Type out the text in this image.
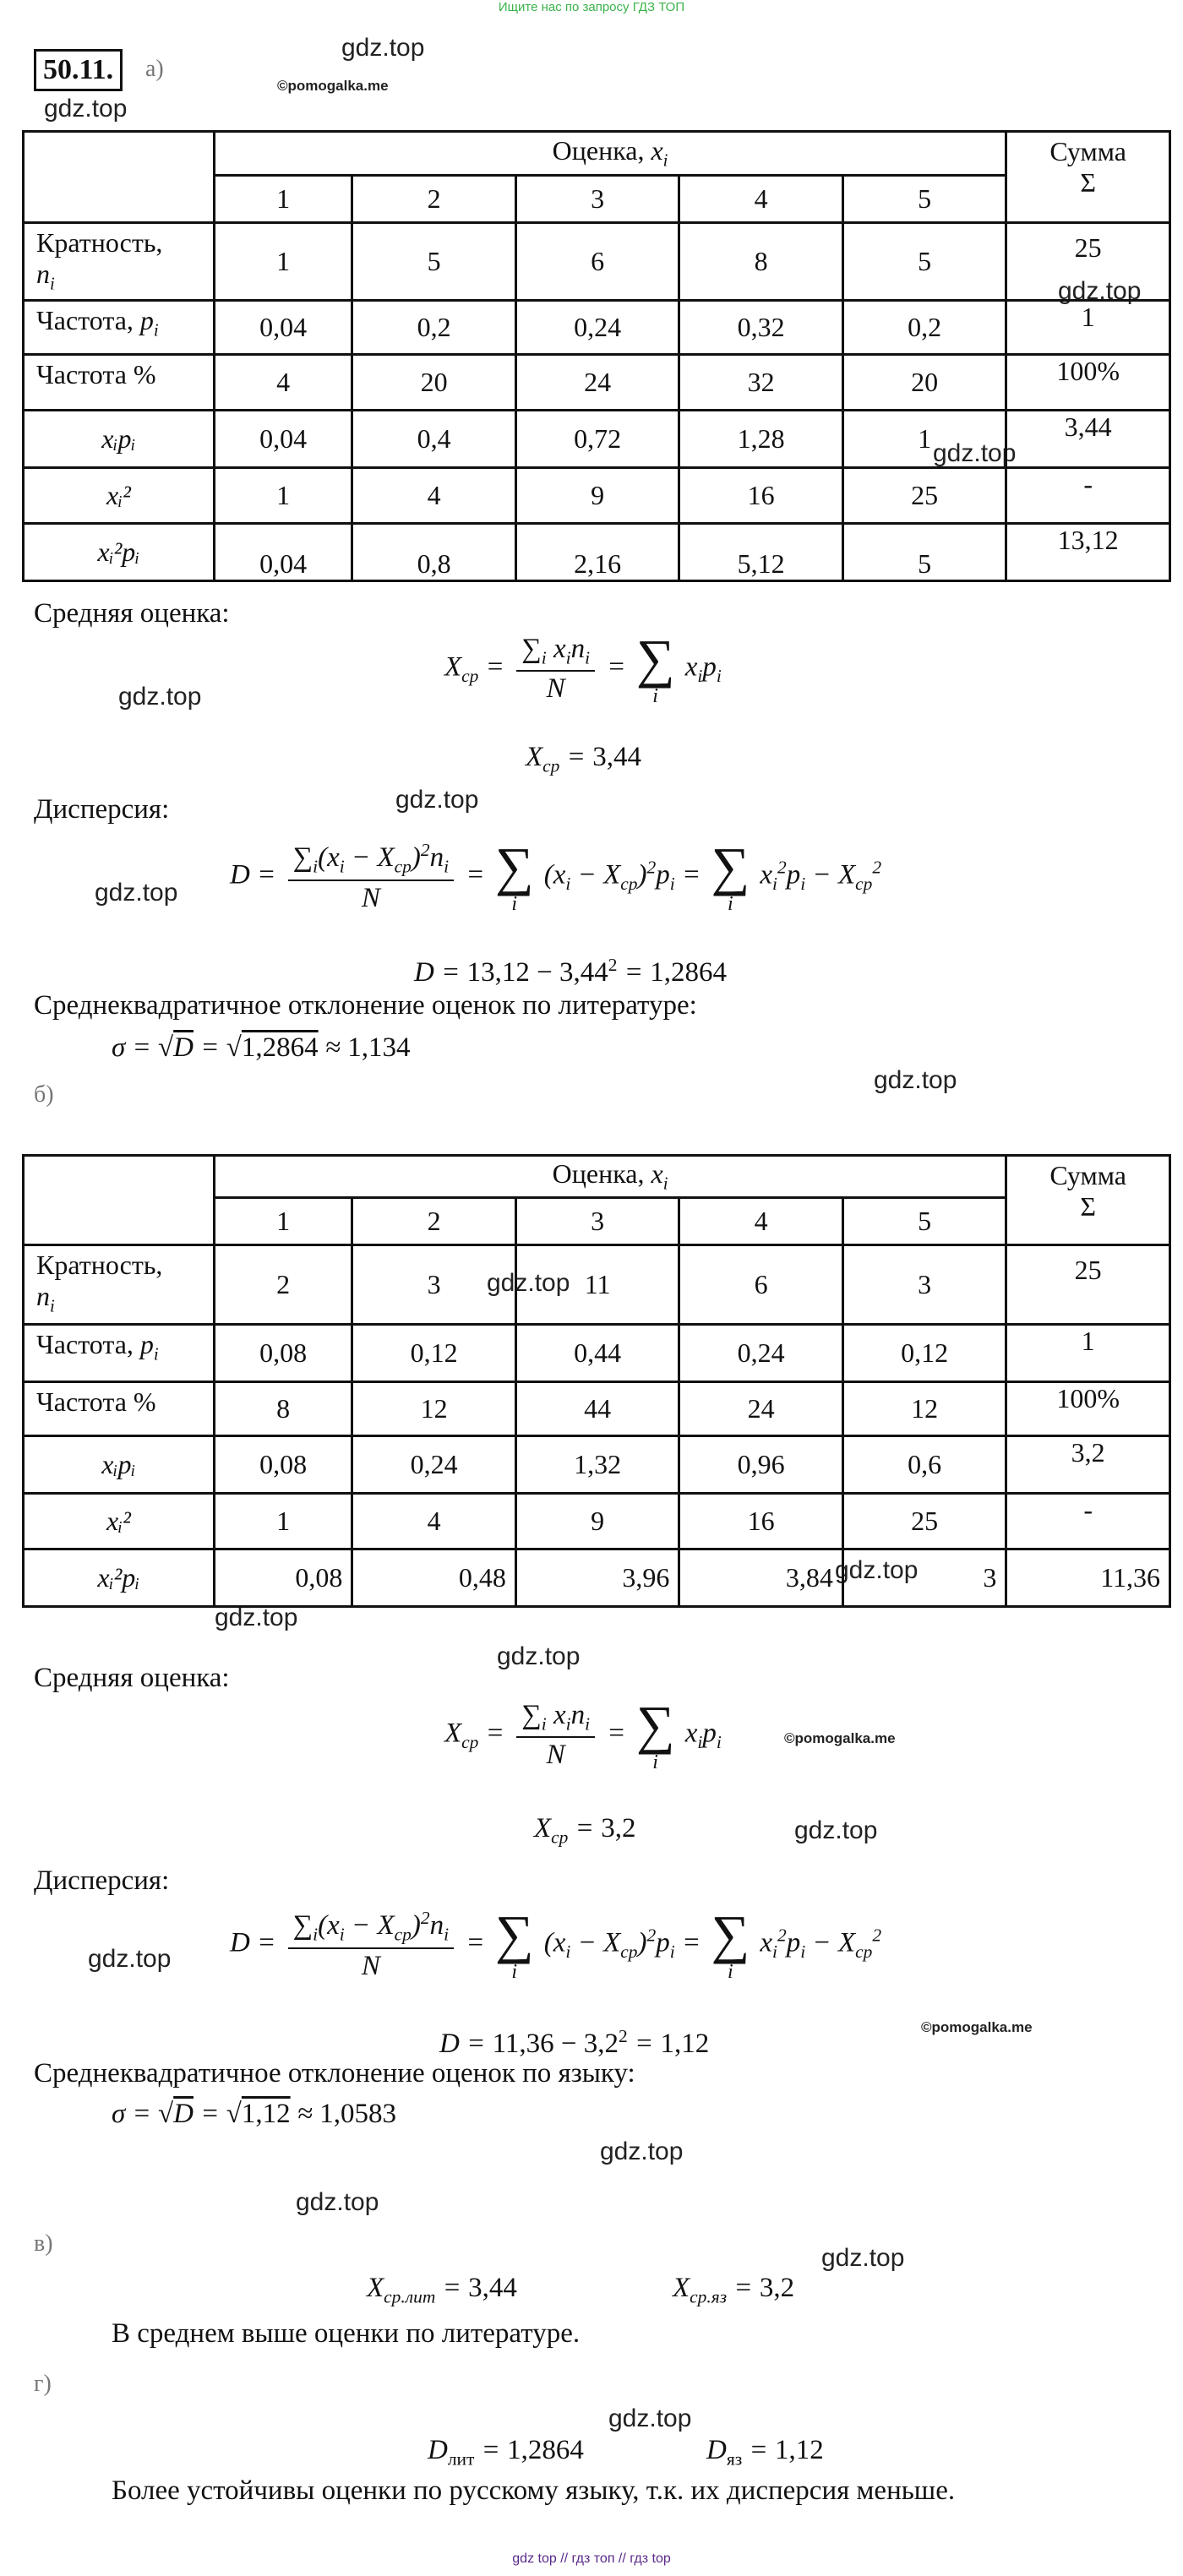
Ищите нас по запросу ГДЗ ТОП
50.11.	а)
gdz.top
©pomogalka.me
gdz.top
gdz.top
gdz.top
gdz.top
gdz.top
gdz.top
gdz.top
gdz.top
gdz.top
gdz.top
gdz.top
©pomogalka.me
gdz.top
gdz.top
©pomogalka.me
gdz.top
gdz.top
gdz.top
gdz.top
	Оценка, $x_i$					Сумма
Σ
	1	2	3	4	5	
Кратность,
$n_i$	1	5	6	8	5	25
Частота, $p_i$	0,04	0,2	0,24	0,32	0,2	1
Частота %	4	20	24	32	20	100%
xᵢpᵢ	0,04	0,4	0,72	1,28	1	3,44
xᵢ²	1	4	9	16	25	-
xᵢ²pᵢ	0,04	0,8	2,16	5,12	5	13,12
Средняя оценка:
$X_{cp} = \frac{\sum_i x_in_i}{N}$ = ∑
i
$x_ip_i$
$X_{cp} = 3,44$
Дисперсия:
$D = \frac{\sum_i(x_i - X_{cp})^2n_i}{N}$ = ∑
i
$(x_i - X_{cp})^2p_i$ = ∑
i
$x_i^2p_i - X_{cp}^2$
$D = 13,12 - 3,44^2 = 1,2864$
Среднеквадратичное отклонение оценок по литературе:
σ = √D = √1,2864 ≈ 1,134
б)
	Оценка, $x_i$					Сумма
Σ
	1	2	3	4	5	
Кратность,
$n_i$	2	3	11	6	3	25
Частота, $p_i$	0,08	0,12	0,44	0,24	0,12	1
Частота %	8	12	44	24	12	100%
xᵢpᵢ	0,08	0,24	1,32	0,96	0,6	3,2
xᵢ²	1	4	9	16	25	-
xᵢ²pᵢ	0,08	0,48	3,96	3,84	3	11,36
Средняя оценка:
$X_{cp} = \frac{\sum_i x_in_i}{N}$ = ∑
i
$x_ip_i$
$X_{cp} = 3,2$
Дисперсия:
$D = \frac{\sum_i(x_i - X_{cp})^2n_i}{N}$ = ∑
i
$(x_i - X_{cp})^2p_i$ = ∑
i
$x_i^2p_i - X_{cp}^2$
$D = 11,36 - 3,2^2 = 1,12$
Среднеквадратичное отклонение оценок по языку:
σ = √D = √1,12 ≈ 1,0583
в)
$X_{ср.лит} = 3,44$	$X_{ср.яз} = 3,2$
В среднем выше оценки по литературе.
г)
$D_{лит} = 1,2864$	$D_{яз} = 1,12$
Более устойчивы оценки по русскому языку, т.к. их дисперсия меньше.
gdz top // гдз топ // гдз top
